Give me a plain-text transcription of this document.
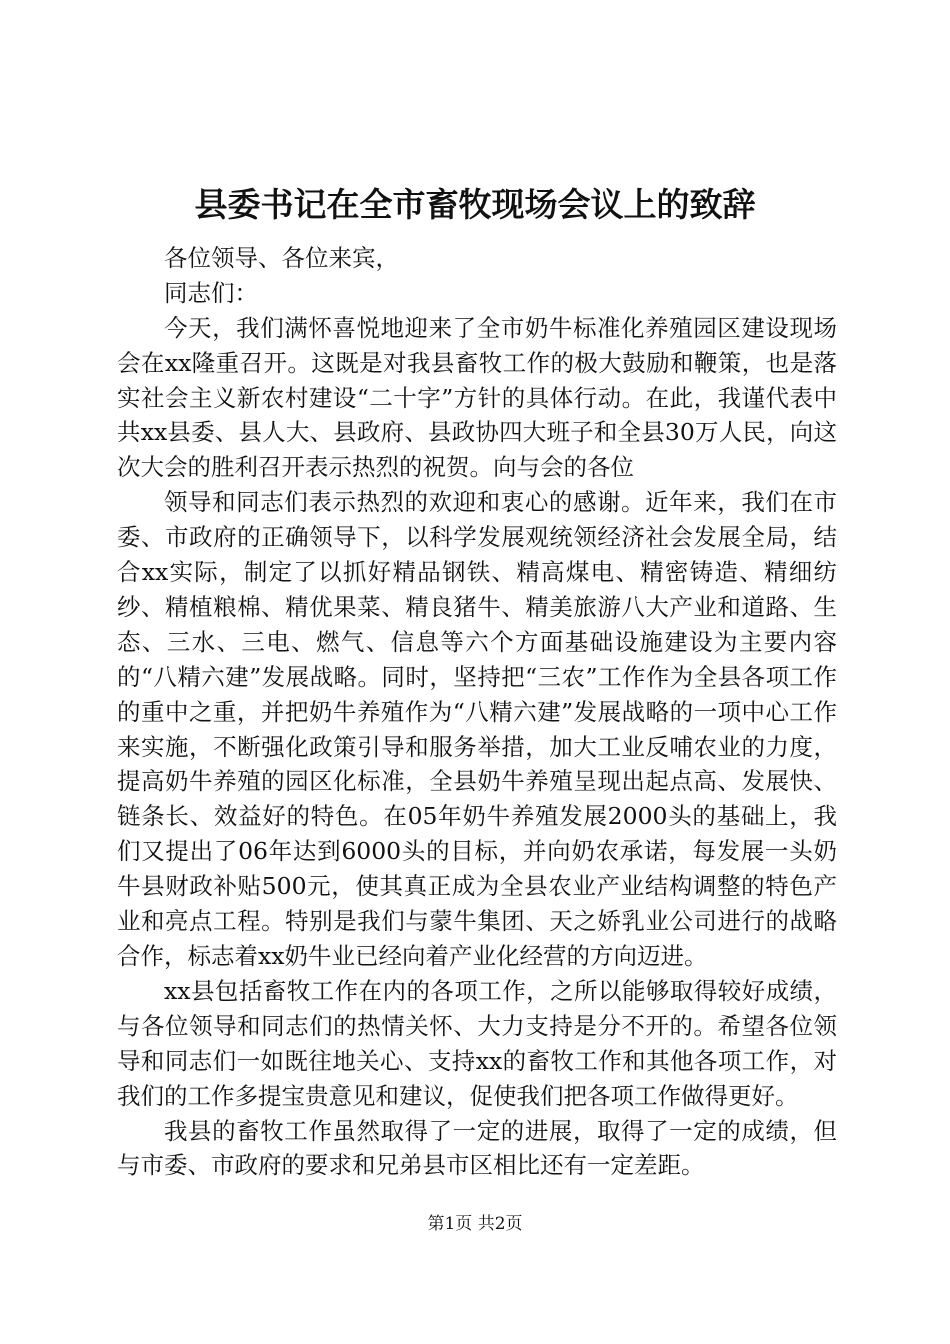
县委书记在全市畜牧现场会议上的致辞

各位领导、各位来宾，

同志们：

今天，我们满怀喜悦地迎来了全市奶牛标准化养殖园区建设现场会在xx隆重召开。这既是对我县畜牧工作的极大鼓励和鞭策，也是落实社会主义新农村建设“二十字”方针的具体行动。在此，我谨代表中共xx县委、县人大、县政府、县政协四大班子和全县30万人民，向这次大会的胜利召开表示热烈的祝贺。向与会的各位

领导和同志们表示热烈的欢迎和衷心的感谢。近年来，我们在市委、市政府的正确领导下，以科学发展观统领经济社会发展全局，结合xx实际，制定了以抓好精品钢铁、精高煤电、精密铸造、精细纺纱、精植粮棉、精优果菜、精良猪牛、精美旅游八大产业和道路、生态、三水、三电、燃气、信息等六个方面基础设施建设为主要内容的“八精六建”发展战略。同时，坚持把“三农”工作作为全县各项工作的重中之重，并把奶牛养殖作为“八精六建”发展战略的一项中心工作来实施，不断强化政策引导和服务举措，加大工业反哺农业的力度，提高奶牛养殖的园区化标准，全县奶牛养殖呈现出起点高、发展快、链条长、效益好的特色。在05年奶牛养殖发展2000头的基础上，我们又提出了06年达到6000头的目标，并向奶农承诺，每发展一头奶牛县财政补贴500元，使其真正成为全县农业产业结构调整的特色产业和亮点工程。特别是我们与蒙牛集团、天之娇乳业公司进行的战略合作，标志着xx奶牛业已经向着产业化经营的方向迈进。

xx县包括畜牧工作在内的各项工作，之所以能够取得较好成绩，与各位领导和同志们的热情关怀、大力支持是分不开的。希望各位领导和同志们一如既往地关心、支持xx的畜牧工作和其他各项工作，对我们的工作多提宝贵意见和建议，促使我们把各项工作做得更好。

我县的畜牧工作虽然取得了一定的进展，取得了一定的成绩，但与市委、市政府的要求和兄弟县市区相比还有一定差距。

第1页 共2页
